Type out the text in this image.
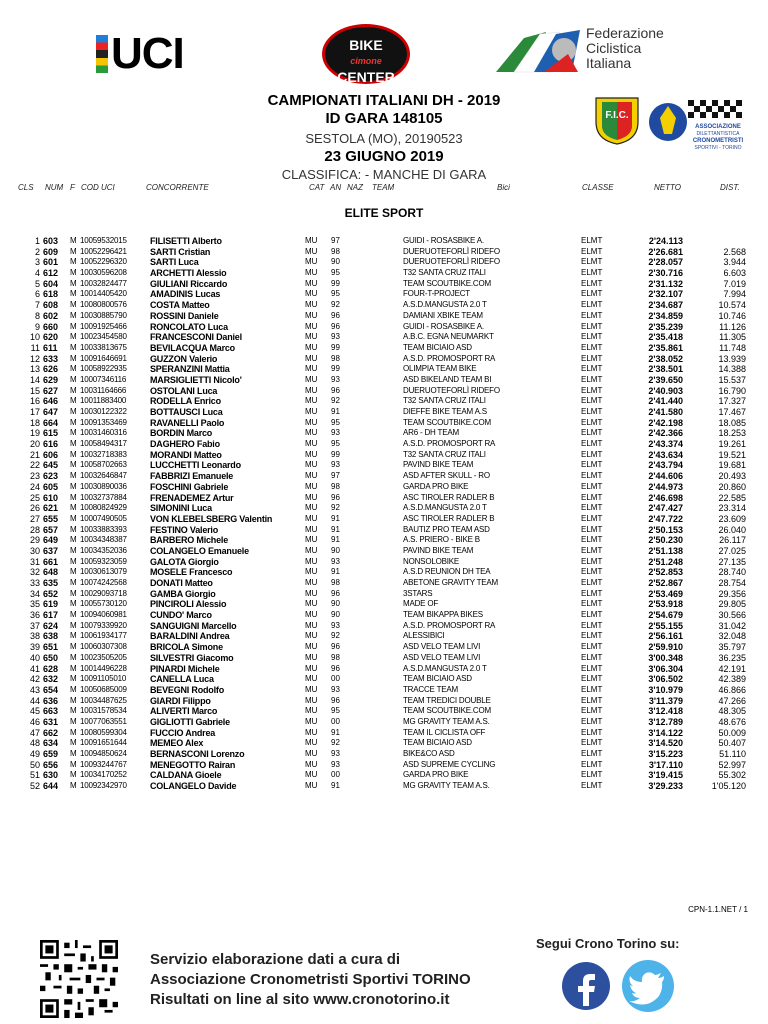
UCI	BIKE
cimone
CENTER
Federazione
Ciclistica
Italiana
CAMPIONATI ITALIANI DH - 2019
ID GARA 148105
SESTOLA (MO), 20190523
23 GIUGNO 2019
CLASSIFICA: - MANCHE DI GARA
F.I.C.
ASSOCIAZIONE
DILETTANTISTICA
CRONOMETRISTI
SPORTIVI - TORINO
CLS NUM F COD UCI	CONCORRENTE	CAT AN NAZ TEAM	Bici	CLASSE	NETTO	DIST.
ELITE SPORT
1 603 M 10059532015	FILISETTI Alberto	MU 97	GUIDI - ROSASBIKE A.	ELMT	2'24.113
2 609 M 10052296421	SARTI Cristian	MU 98	DUERUOTEFORLÌ RIDEFO	ELMT	2'26.681	2.568
3 601 M 10052296320	SARTI Luca	MU 90	DUERUOTEFORLÌ RIDEFO	ELMT	2'28.057	3.944
4 612 M 10030596208	ARCHETTI Alessio	MU 95	T32 SANTA CRUZ ITALI	ELMT	2'30.716	6.603
5 604 M 10032824477	GIULIANI Riccardo	MU 99	TEAM SCOUTBIKE.COM	ELMT	2'31.132	7.019
6 618 M 10014405420	AMADINIS Lucas	MU 95	FOUR-T-PROJECT	ELMT	2'32.107	7.994
7 608 M 10080800576	COSTA Matteo	MU 92	A.S.D.MANGUSTA 2.0 T	ELMT	2'34.687	10.574
8 602 M 10030885790	ROSSINI Daniele	MU 96	DAMIANI XBIKE TEAM	ELMT	2'34.859	10.746
9 660 M 10091925466	RONCOLATO Luca	MU 96	GUIDI - ROSASBIKE A.	ELMT	2'35.239	11.126
10 620 M 10023454580	FRANCESCONI Daniel	MU 93	A.B.C. EGNA NEUMARKT	ELMT	2'35.418	11.305
11 611 M 10033813675	BEVILACQUA Marco	MU 99	TEAM BICIAIO ASD	ELMT	2'35.861	11.748
12 633 M 10091646691	GUZZON Valerio	MU 98	A.S.D. PROMOSPORT RA	ELMT	2'38.052	13.939
13 626 M 10058922935	SPERANZINI Mattia	MU 99	OLIMPIA TEAM BIKE	ELMT	2'38.501	14.388
14 629 M 10007346116	MARSIGLIETTI Nicolo'	MU 93	ASD BIKELAND TEAM BI	ELMT	2'39.650	15.537
15 627 M 10031164666	OSTOLANI Luca	MU 96	DUERUOTEFORLÌ RIDEFO	ELMT	2'40.903	16.790
16 646 M 10011883400	RODELLA Enrico	MU 92	T32 SANTA CRUZ ITALI	ELMT	2'41.440	17.327
17 647 M 10030122322	BOTTAUSCI Luca	MU 91	DIEFFE BIKE TEAM A.S	ELMT	2'41.580	17.467
18 664 M 10091353469	RAVANELLI Paolo	MU 95	TEAM SCOUTBIKE.COM	ELMT	2'42.198	18.085
19 615 M 10031460316	BORDIN Marco	MU 93	AR6 - DH TEAM	ELMT	2'42.366	18.253
20 616 M 10058494317	DAGHERO Fabio	MU 95	A.S.D. PROMOSPORT RA	ELMT	2'43.374	19.261
21 606 M 10032718383	MORANDI Matteo	MU 99	T32 SANTA CRUZ ITALI	ELMT	2'43.634	19.521
22 645 M 10058702663	LUCCHETTI Leonardo	MU 93	PAVIND BIKE TEAM	ELMT	2'43.794	19.681
23 623 M 10032646847	FABBRIZI Emanuele	MU 97	ASD AFTER SKULL - RO	ELMT	2'44.606	20.493
24 605 M 10030890036	FOSCHINI Gabriele	MU 98	GARDA PRO BIKE	ELMT	2'44.973	20.860
25 610 M 10032737884	FRENADEMEZ Artur	MU 96	ASC TIROLER RADLER B	ELMT	2'46.698	22.585
26 621 M 10080824929	SIMONINI Luca	MU 92	A.S.D.MANGUSTA 2.0 T	ELMT	2'47.427	23.314
27 655 M 10007490505	VON KLEBELSBERG Valentin	MU 91	ASC TIROLER RADLER B	ELMT	2'47.722	23.609
28 657 M 10033883393	FESTINO Valerio	MU 91	BAUTIZ PRO TEAM ASD	ELMT	2'50.153	26.040
29 649 M 10034348387	BARBERO Michele	MU 91	A.S. PRIERO - BIKE B	ELMT	2'50.230	26.117
30 637 M 10034352036	COLANGELO Emanuele	MU 90	PAVIND BIKE TEAM	ELMT	2'51.138	27.025
31 661 M 10059323059	GALOTA Giorgio	MU 93	NONSOLOBIKE	ELMT	2'51.248	27.135
32 648 M 10030613079	MOSELE Francesco	MU 91	A.S.D REUNION DH TEA	ELMT	2'52.853	28.740
33 635 M 10074242568	DONATI Matteo	MU 98	ABETONE GRAVITY TEAM	ELMT	2'52.867	28.754
34 652 M 10029093718	GAMBA Giorgio	MU 96	3STARS	ELMT	2'53.469	29.356
35 619 M 10055730120	PINCIROLI Alessio	MU 90	MADE OF	ELMT	2'53.918	29.805
36 617 M 10094060981	CUNDO' Marco	MU 90	TEAM BIKAPPA BIKES	ELMT	2'54.679	30.566
37 624 M 10079339920	SANGUIGNI Marcello	MU 93	A.S.D. PROMOSPORT RA	ELMT	2'55.155	31.042
38 638 M 10061934177	BARALDINI Andrea	MU 92	ALESSIBICI	ELMT	2'56.161	32.048
39 651 M 10060307308	BRICOLA Simone	MU 96	ASD VELO TEAM LIVI	ELMT	2'59.910	35.797
40 650 M 10023505205	SILVESTRI Giacomo	MU 98	ASD VELO TEAM LIVI	ELMT	3'00.348	36.235
41 628 M 10014496228	PINARDI Michele	MU 96	A.S.D.MANGUSTA 2.0 T	ELMT	3'06.304	42.191
42 632 M 10091105010	CANELLA Luca	MU 00	TEAM BICIAIO ASD	ELMT	3'06.502	42.389
43 654 M 10050685009	BEVEGNI Rodolfo	MU 93	TRACCE TEAM	ELMT	3'10.979	46.866
44 636 M 10034487625	GIARDI Filippo	MU 96	TEAM TREDICI DOUBLE	ELMT	3'11.379	47.266
45 663 M 10031578534	ALIVERTI Marco	MU 95	TEAM SCOUTBIKE.COM	ELMT	3'12.418	48.305
46 631 M 10077063551	GIGLIOTTI Gabriele	MU 00	MG GRAVITY TEAM A.S.	ELMT	3'12.789	48.676
47 662 M 10080599304	FUCCIO Andrea	MU 91	TEAM IL CICLISTA OFF	ELMT	3'14.122	50.009
48 634 M 10091651644	MEMEO Alex	MU 92	TEAM BICIAIO ASD	ELMT	3'14.520	50.407
49 659 M 10094850624	BERNASCONI Lorenzo	MU 93	BIKE&CO ASD	ELMT	3'15.223	51.110
50 656 M 10093244767	MENEGOTTO Rairan	MU 93	ASD SUPREME CYCLING	ELMT	3'17.110	52.997
51 630 M 10034170252	CALDANA Gioele	MU 00	GARDA PRO BIKE	ELMT	3'19.415	55.302
52 644 M 10092342970	COLANGELO Davide	MU 91	MG GRAVITY TEAM A.S.	ELMT	3'29.233	1'05.120
CPN-1.1.NET / 1
Servizio elaborazione dati a cura di
Associazione Cronometristi Sportivi TORINO
Risultati on line al sito www.cronotorino.it
Segui Crono Torino su:
